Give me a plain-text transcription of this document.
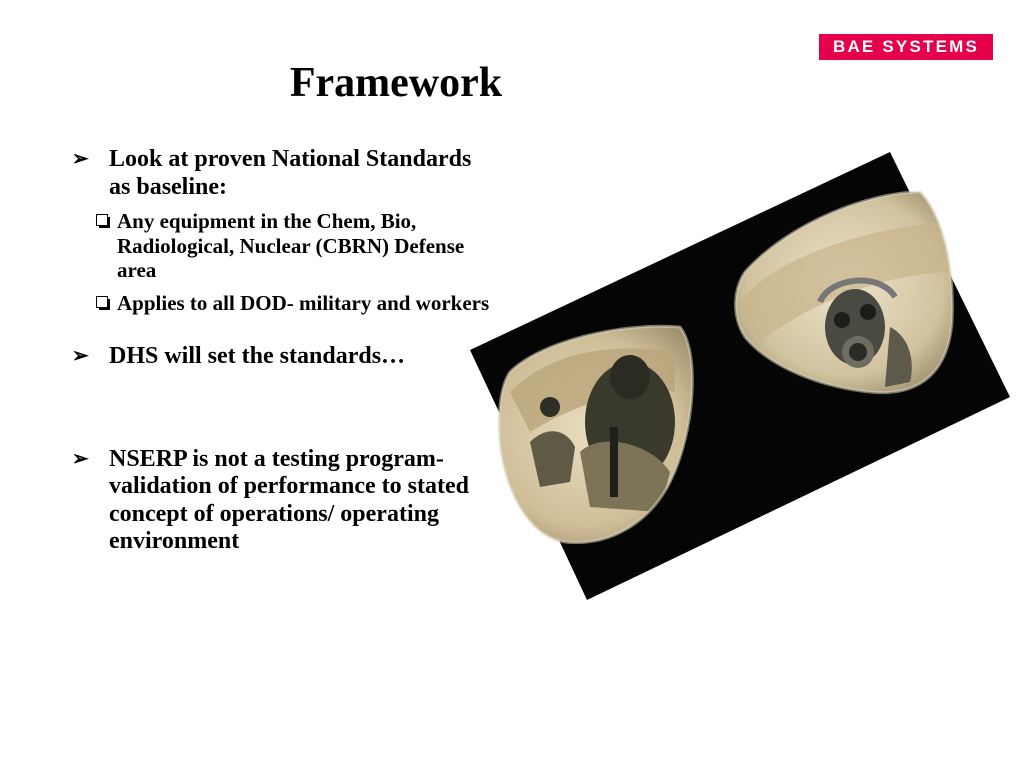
BAE SYSTEMS
Framework
➢ Look at proven National Standards as baseline:
Any equipment in the Chem, Bio, Radiological, Nuclear (CBRN) Defense area
Applies to all DOD- military and workers
➢ DHS will set the standards…
➢ NSERP is not a testing program- validation of performance to stated concept of operations/ operating environment
